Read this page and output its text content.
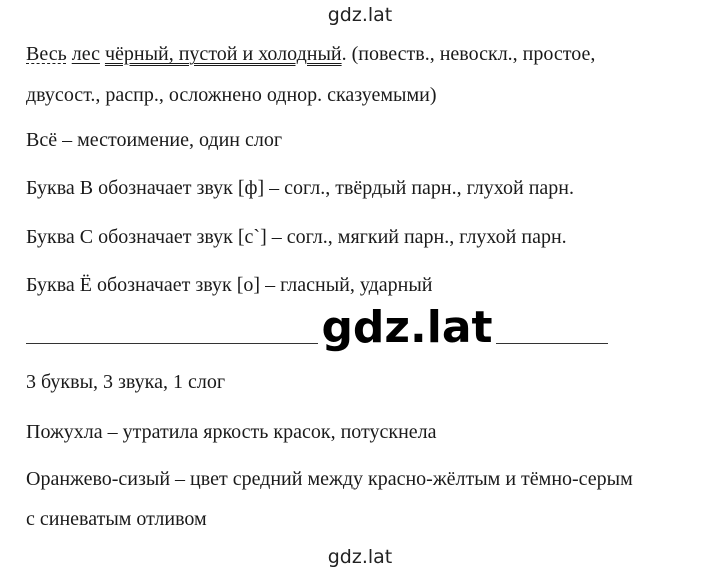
gdz.lat
Весь лес чёрный, пустой и холодный. (повеств., невоскл., простое,
двусост., распр., осложнено однор. сказуемыми)
Всё – местоимение, один слог
Буква В обозначает звук [ф] – согл., твёрдый парн., глухой парн.
Буква С обозначает звук [с`] – согл., мягкий парн., глухой парн.
Буква Ё обозначает звук [о] – гласный, ударный
gdz.lat
3 буквы, 3 звука, 1 слог
Пожухла – утратила яркость красок, потускнела
Оранжево-сизый – цвет средний между красно-жёлтым и тёмно-серым
с синеватым отливом
gdz.lat
